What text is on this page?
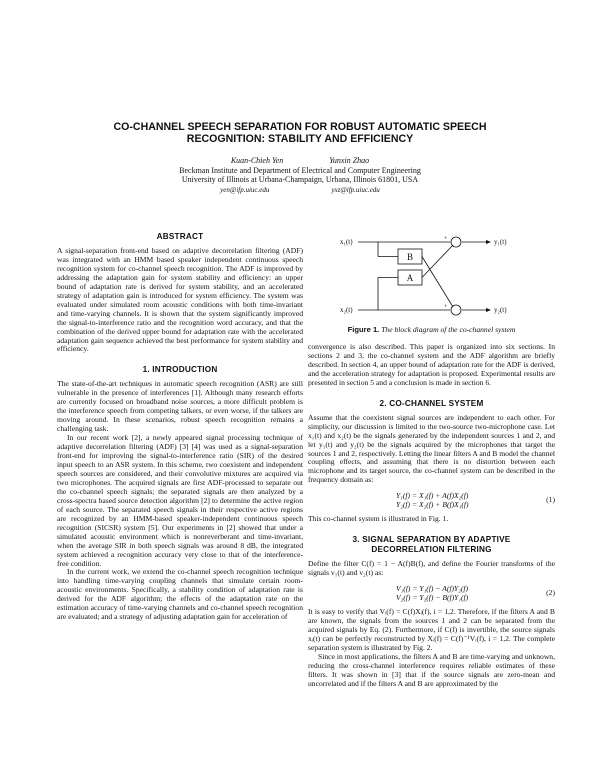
CO-CHANNEL SPEECH SEPARATION FOR ROBUST AUTOMATIC SPEECH
RECOGNITION: STABILITY AND EFFICIENCY
Kuan-Chieh Yen	Yunxin Zhao
Beckman Institute and Department of Electrical and Computer Engineering
University of Illinois at Urbana-Champaign, Urbana, Illinois 61801, USA
yen@ifp.uiuc.edu	yxz@ifp.uiuc.edu
ABSTRACT

A signal-separation front-end based on adaptive decorrelation filtering (ADF) was integrated with an HMM based speaker independent continuous speech recognition system for co-channel speech recognition. The ADF is improved by addressing the adaptation gain for system stability and efficiency: an upper bound of adaptation rate is derived for system stability, and an accelerated strategy of adaptation gain is introduced for system efficiency. The system was evaluated under simulated room acoustic conditions with both time-invariant and time-varying channels. It is shown that the system significantly improved the signal-to-interference ratio and the recognition word accuracy, and that the combination of the derived upper bound for adaptation rate with the accelerated adaptation gain sequence achieved the best performance for system stability and efficiency.

1. INTRODUCTION

The state-of-the-art techniques in automatic speech recognition (ASR) are still vulnerable in the presence of interferences [1]. Although many research efforts are currently focused on broadband noise sources, a more difficult problem is the interference speech from competing talkers, or even worse, if the talkers are moving around. In these scenarios, robust speech recognition remains a challenging task.

In our recent work [2], a newly appeared signal processing technique of adaptive decorrelation filtering (ADF) [3] [4] was used as a signal-separation front-end for improving the signal-to-interference ratio (SIR) of the desired input speech to an ASR system. In this scheme, two coexistent and independent speech sources are considered, and their convolutive mixtures are acquired via two microphones. The acquired signals are first ADF-processed to separate out the co-channel speech signals; the separated signals are then analyzed by a cross-spectra based source detection algorithm [2] to determine the active region of each source. The separated speech signals in their respective active regions are recognized by an HMM-based speaker-independent continuous speech recognition (SICSR) system [5]. Our experiments in [2] showed that under a simulated acoustic environment which is nonreverberant and time-invariant, when the average SIR in both speech signals was around 8 dB, the integrated system achieved a recognition accuracy very close to that of the interference-free condition.

In the current work, we extend the co-channel speech recognition technique into handling time-varying coupling channels that simulate certain room-acoustic environments. Specifically, a stability condition of adaptation rate is derived for the ADF algorithm; the effects of the adaptation rate on the estimation accuracy of time-varying channels and co-channel speech recognition are evaluated; and a strategy of adjusting adaptation gain for acceleration of

x₁(t)
x₂(t)
y₁(t)
y₂(t)
B
A
+
+
Figure 1. The block diagram of the co-channel system

convergence is also described. This paper is organized into six sections. In sections 2 and 3, the co-channel system and the ADF algorithm are briefly described. In section 4, an upper bound of adaptation rate for the ADF is derived, and the acceleration strategy for adaptation is proposed. Experimental results are presented in section 5 and a conclusion is made in section 6.

2. CO-CHANNEL SYSTEM

Assume that the coexistent signal sources are independent to each other. For simplicity, our discussion is limited to the two-source two-microphone case. Let x₁(t) and x₂(t) be the signals generated by the independent sources 1 and 2, and let y₁(t) and y₂(t) be the signals acquired by the microphones that target the sources 1 and 2, respectively. Letting the linear filters A and B model the channel coupling effects, and assuming that there is no distortion between each microphone and its target source, the co-channel system can be described in the frequency domain as:

Y₁(f) = X₁(f) + A(f)X₂(f)
Y₂(f) = X₂(f) + B(f)X₁(f)
(1)

This co-channel system is illustrated in Fig. 1.

3. SIGNAL SEPARATION BY ADAPTIVE
DECORRELATION FILTERING

Define the filter C(f) = 1 − A(f)B(f), and define the Fourier transforms of the signals v₁(t) and v₂(t) as:

V₁(f) = Y₁(f) − A(f)Y₂(f)
V₂(f) = Y₂(f) − B(f)Y₁(f)
(2)

It is easy to verify that Vᵢ(f) = C(f)Xᵢ(f), i = 1,2. Therefore, if the filters A and B are known, the signals from the sources 1 and 2 can be separated from the acquired signals by Eq. (2). Furthermore, if C(f) is invertible, the source signals xᵢ(t) can be perfectly reconstructed by Xᵢ(f) = C(f)⁻¹Vᵢ(f), i = 1,2. The complete separation system is illustrated by Fig. 2.

Since in most applications, the filters A and B are time-varying and unknown, reducing the cross-channel interference requires reliable estimates of these filters. It was shown in [3] that if the source signals are zero-mean and uncorrelated and if the filters A and B are approximated by the
